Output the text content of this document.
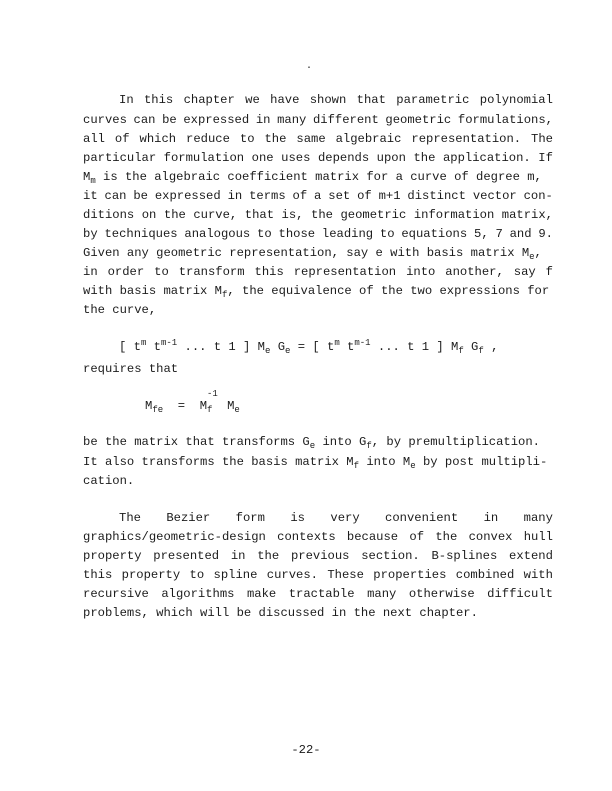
.
In this chapter we have shown that parametric polynomial
curves can be expressed in many different geometric formulations,
all of which reduce to the same algebraic representation. The
particular formulation one uses depends upon the application. If
$M_m$ is the algebraic coefficient matrix for a curve of degree m,
it can be expressed in terms of a set of m+1 distinct vector con-
ditions on the curve, that is, the geometric information matrix,
by techniques analogous to those leading to equations 5, 7 and 9.
Given any geometric representation, say e with basis matrix $M_e$,
in order to transform this representation into another, say f
with basis matrix $M_f$, the equivalence of the two expressions for
the curve,
[ $t^m$ $t^{m-1}$ ... t 1 ] $M_e$ $G_e$ = [ $t^m$ $t^{m-1}$ ... t 1 ] $M_f$ $G_f$ ,
requires that
$M_{fe} = M$
-1
$_f$  $M_e$
be the matrix that transforms $G_e$ into $G_f$, by premultiplication.
It also transforms the basis matrix $M_f$ into $M_e$ by post multipli-
cation.
The Bezier form is very convenient in many
graphics/geometric-design contexts because of the convex hull
property presented in the previous section. B-splines extend
this property to spline curves. These properties combined with
recursive algorithms make tractable many otherwise difficult
problems, which will be discussed in the next chapter.
-22-
